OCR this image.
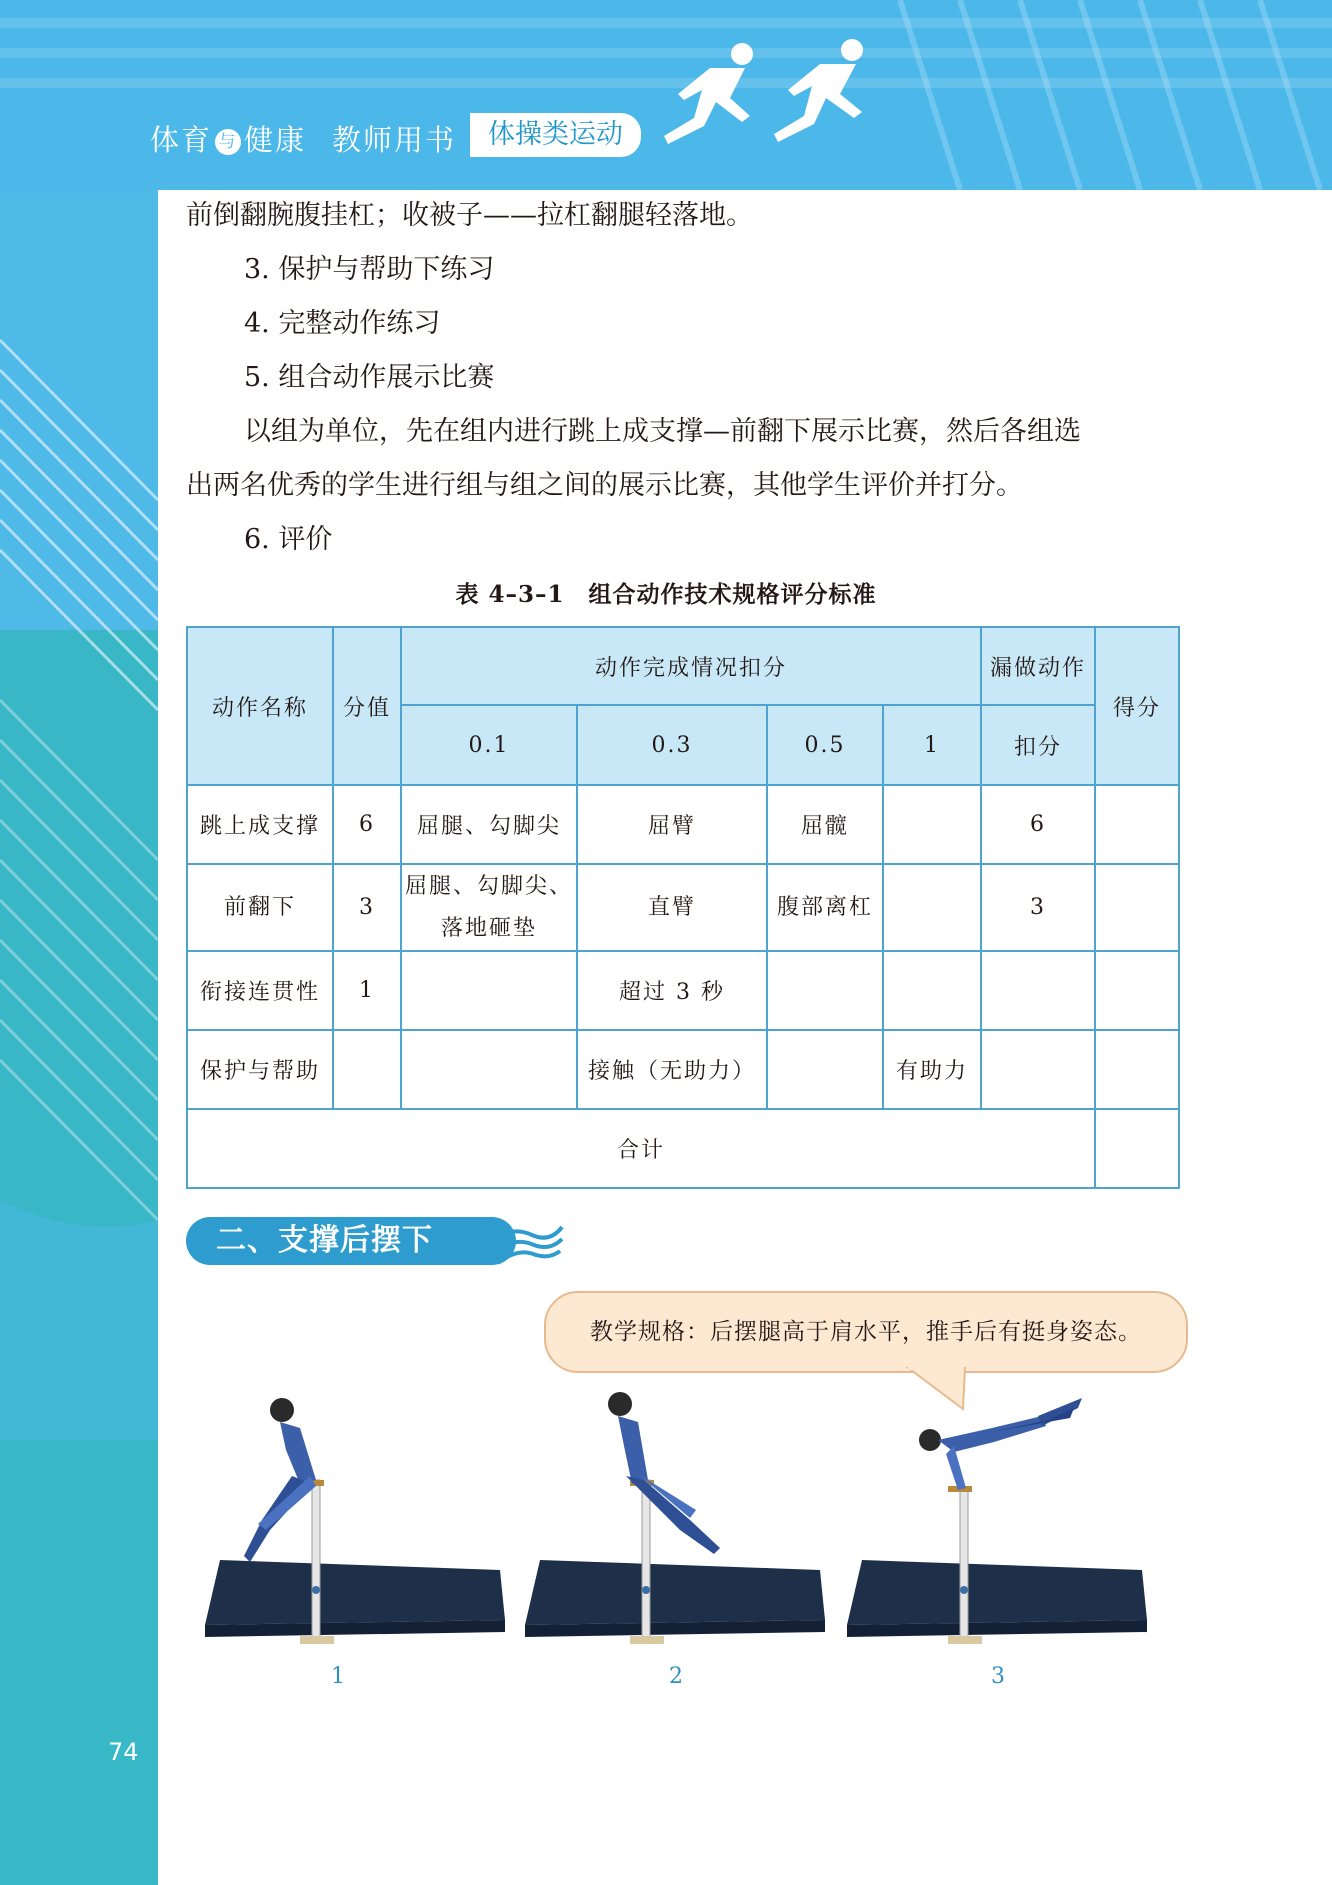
体育 与 健康 教师用书	体操类运动
前倒翻腕腹挂杠；收被子——拉杠翻腿轻落地。
3. 保护与帮助下练习
4. 完整动作练习
5. 组合动作展示比赛
以组为单位，先在组内进行跳上成支撑—前翻下展示比赛，然后各组选
出两名优秀的学生进行组与组之间的展示比赛，其他学生评价并打分。
6. 评价
表 4–3–1　组合动作技术规格评分标准
动作名称	分值	动作完成情况扣分				漏做动作	得分
		0.1	0.3	0.5	1	扣分	
跳上成支撑	6	屈腿、勾脚尖	屈臂	屈髋		6	
前翻下	3	屈腿、勾脚尖、
落地砸垫	直臂	腹部离杠		3	
衔接连贯性	1		超过 3 秒				
保护与帮助			接触（无助力）		有助力		
合计							
二、支撑后摆下
教学规格：后摆腿高于肩水平，推手后有挺身姿态。
1	2	3
74
